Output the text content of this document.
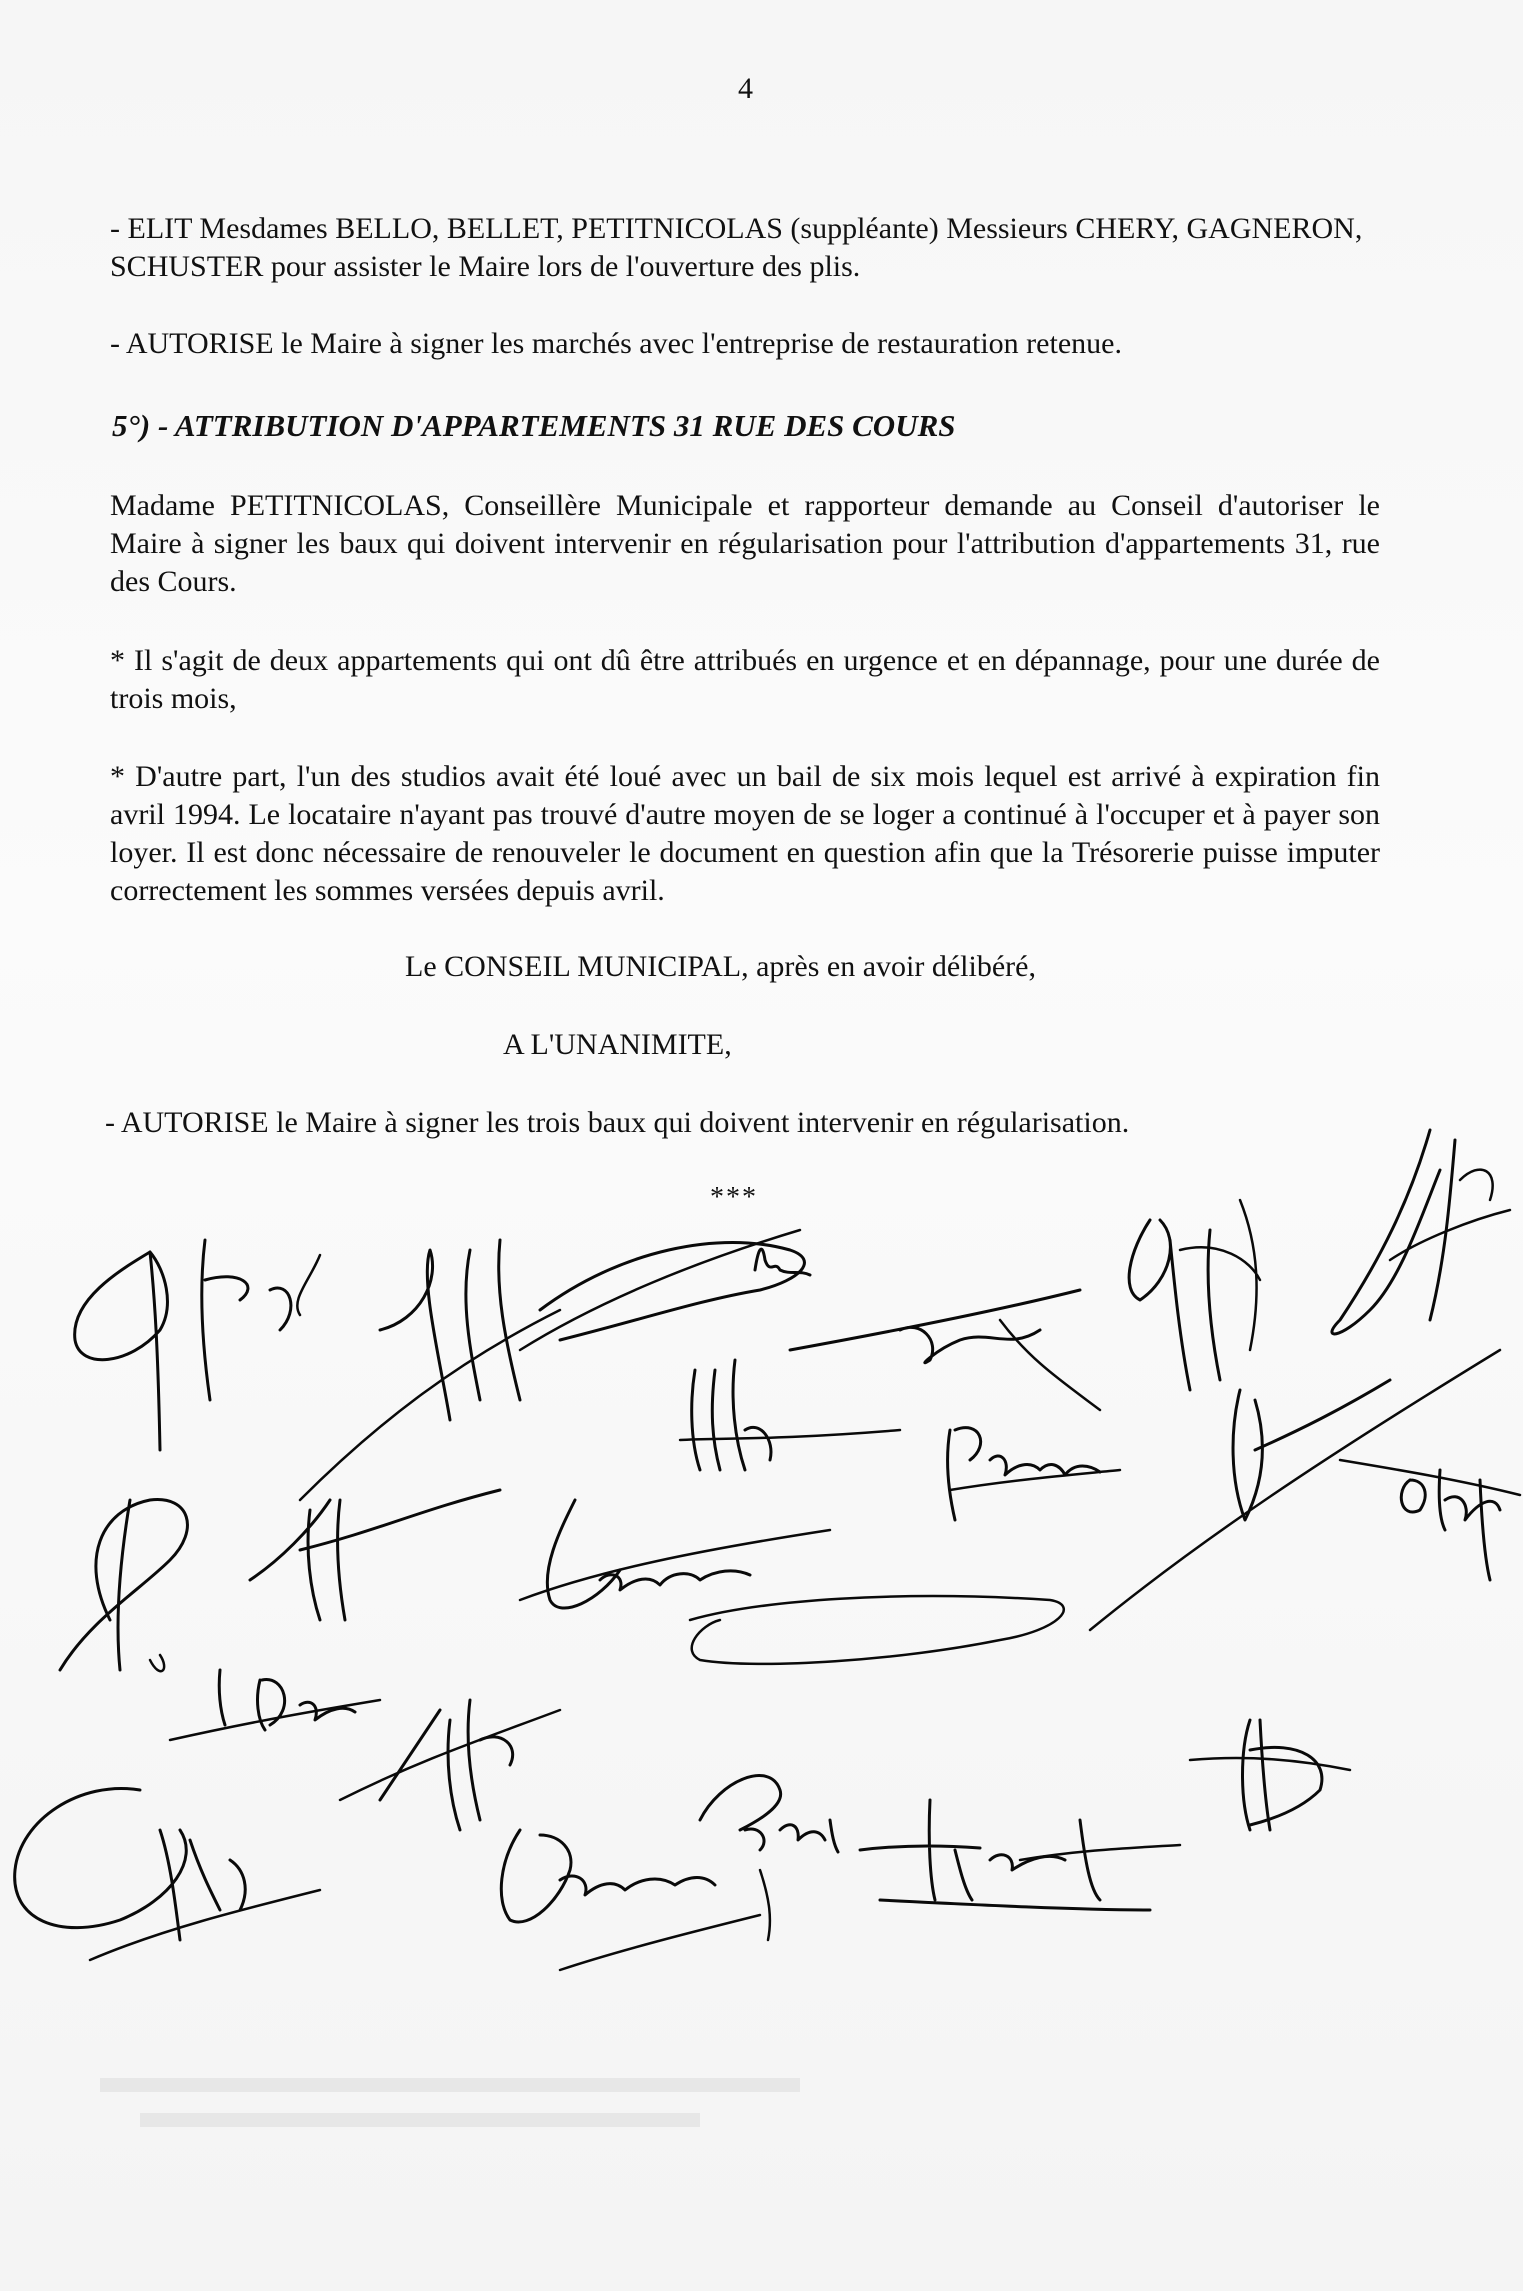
4

- ELIT Mesdames BELLO, BELLET, PETITNICOLAS (suppléante) Messieurs CHERY, GAGNERON, SCHUSTER pour assister le Maire lors de l'ouverture des plis.

- AUTORISE le Maire à signer les marchés avec l'entreprise de restauration retenue.

5°) - ATTRIBUTION D'APPARTEMENTS 31 RUE DES COURS

Madame PETITNICOLAS, Conseillère Municipale et rapporteur demande au Conseil d'autoriser le Maire à signer les baux qui doivent intervenir en régularisation pour l'attribution d'appartements 31, rue des Cours.

* Il s'agit de deux appartements qui ont dû être attribués en urgence et en dépannage, pour une durée de trois mois,

* D'autre part, l'un des studios avait été loué avec un bail de six mois lequel est arrivé à expiration fin avril 1994. Le locataire n'ayant pas trouvé d'autre moyen de se loger a continué à l'occuper et à payer son loyer. Il est donc nécessaire de renouveler le document en question afin que la Trésorerie puisse imputer correctement les sommes versées depuis avril.

Le CONSEIL MUNICIPAL, après en avoir délibéré,
A L'UNANIMITE,

- AUTORISE le Maire à signer les trois baux qui doivent intervenir en régularisation.

***
